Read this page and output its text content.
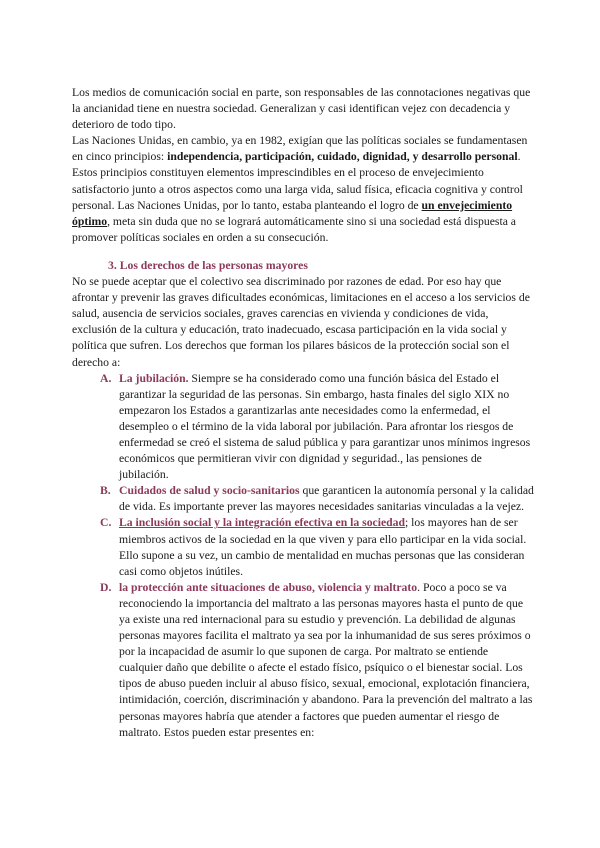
Los medios de comunicación social en parte, son responsables de las connotaciones negativas que la ancianidad tiene en nuestra sociedad. Generalizan y casi identifican vejez con decadencia y deterioro de todo tipo.

Las Naciones Unidas, en cambio, ya en 1982, exigían que las políticas sociales se fundamentasen en cinco principios: independencia, participación, cuidado, dignidad, y desarrollo personal. Estos principios constituyen elementos imprescindibles en el proceso de envejecimiento satisfactorio junto a otros aspectos como una larga vida, salud física, eficacia cognitiva y control personal. Las Naciones Unidas, por lo tanto, estaba planteando el logro de un envejecimiento óptimo, meta sin duda que no se logrará automáticamente sino si una sociedad está dispuesta a promover políticas sociales en orden a su consecución.

3. Los derechos de las personas mayores

No se puede aceptar que el colectivo sea discriminado por razones de edad. Por eso hay que afrontar y prevenir las graves dificultades económicas, limitaciones en el acceso a los servicios de salud, ausencia de servicios sociales, graves carencias en vivienda y condiciones de vida, exclusión de la cultura y educación, trato inadecuado, escasa participación en la vida social y política que sufren. Los derechos que forman los pilares básicos de la protección social son el derecho a:

A. La jubilación. Siempre se ha considerado como una función básica del Estado el garantizar la seguridad de las personas. Sin embargo, hasta finales del siglo XIX no empezaron los Estados a garantizarlas ante necesidades como la enfermedad, el desempleo o el término de la vida laboral por jubilación. Para afrontar los riesgos de enfermedad se creó el sistema de salud pública y para garantizar unos mínimos ingresos económicos que permitieran vivir con dignidad y seguridad., las pensiones de jubilación.
B. Cuidados de salud y socio-sanitarios que garanticen la autonomía personal y la calidad de vida. Es importante prever las mayores necesidades sanitarias vinculadas a la vejez.
C. La inclusión social y la integración efectiva en la sociedad; los mayores han de ser miembros activos de la sociedad en la que viven y para ello participar en la vida social. Ello supone a su vez, un cambio de mentalidad en muchas personas que las consideran casi como objetos inútiles.
D. la protección ante situaciones de abuso, violencia y maltrato. Poco a poco se va reconociendo la importancia del maltrato a las personas mayores hasta el punto de que ya existe una red internacional para su estudio y prevención. La debilidad de algunas personas mayores facilita el maltrato ya sea por la inhumanidad de sus seres próximos o por la incapacidad de asumir lo que suponen de carga. Por maltrato se entiende cualquier daño que debilite o afecte el estado físico, psíquico o el bienestar social. Los tipos de abuso pueden incluir al abuso físico, sexual, emocional, explotación financiera, intimidación, coerción, discriminación y abandono. Para la prevención del maltrato a las personas mayores habría que atender a factores que pueden aumentar el riesgo de maltrato. Estos pueden estar presentes en:
